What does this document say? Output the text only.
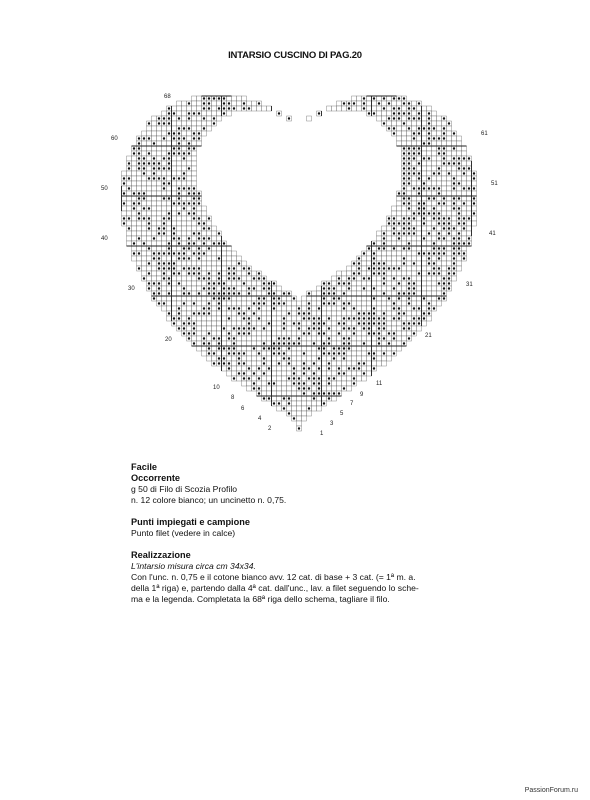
INTARSIO CUSCINO DI PAG.20
68
60
50
40
30
20
10
8
6
4
2
61
51
41
31
21
11
9
7
5
3
1
Facile
Occorrente
g 50 di Filo di Scozia Profilo
n. 12 colore bianco; un uncinetto n. 0,75.
Punti impiegati e campione
Punto filet (vedere in calce)
Realizzazione
L'intarsio misura circa cm 34x34.
Con l'unc. n. 0,75 e il cotone bianco avv. 12 cat. di base + 3 cat. (= 1ª m. a.
della 1ª riga) e, partendo dalla 4ª cat. dall'unc., lav. a filet seguendo lo sche-
ma e la legenda. Completata la 68ª riga dello schema, tagliare il filo.
PassionForum.ru
